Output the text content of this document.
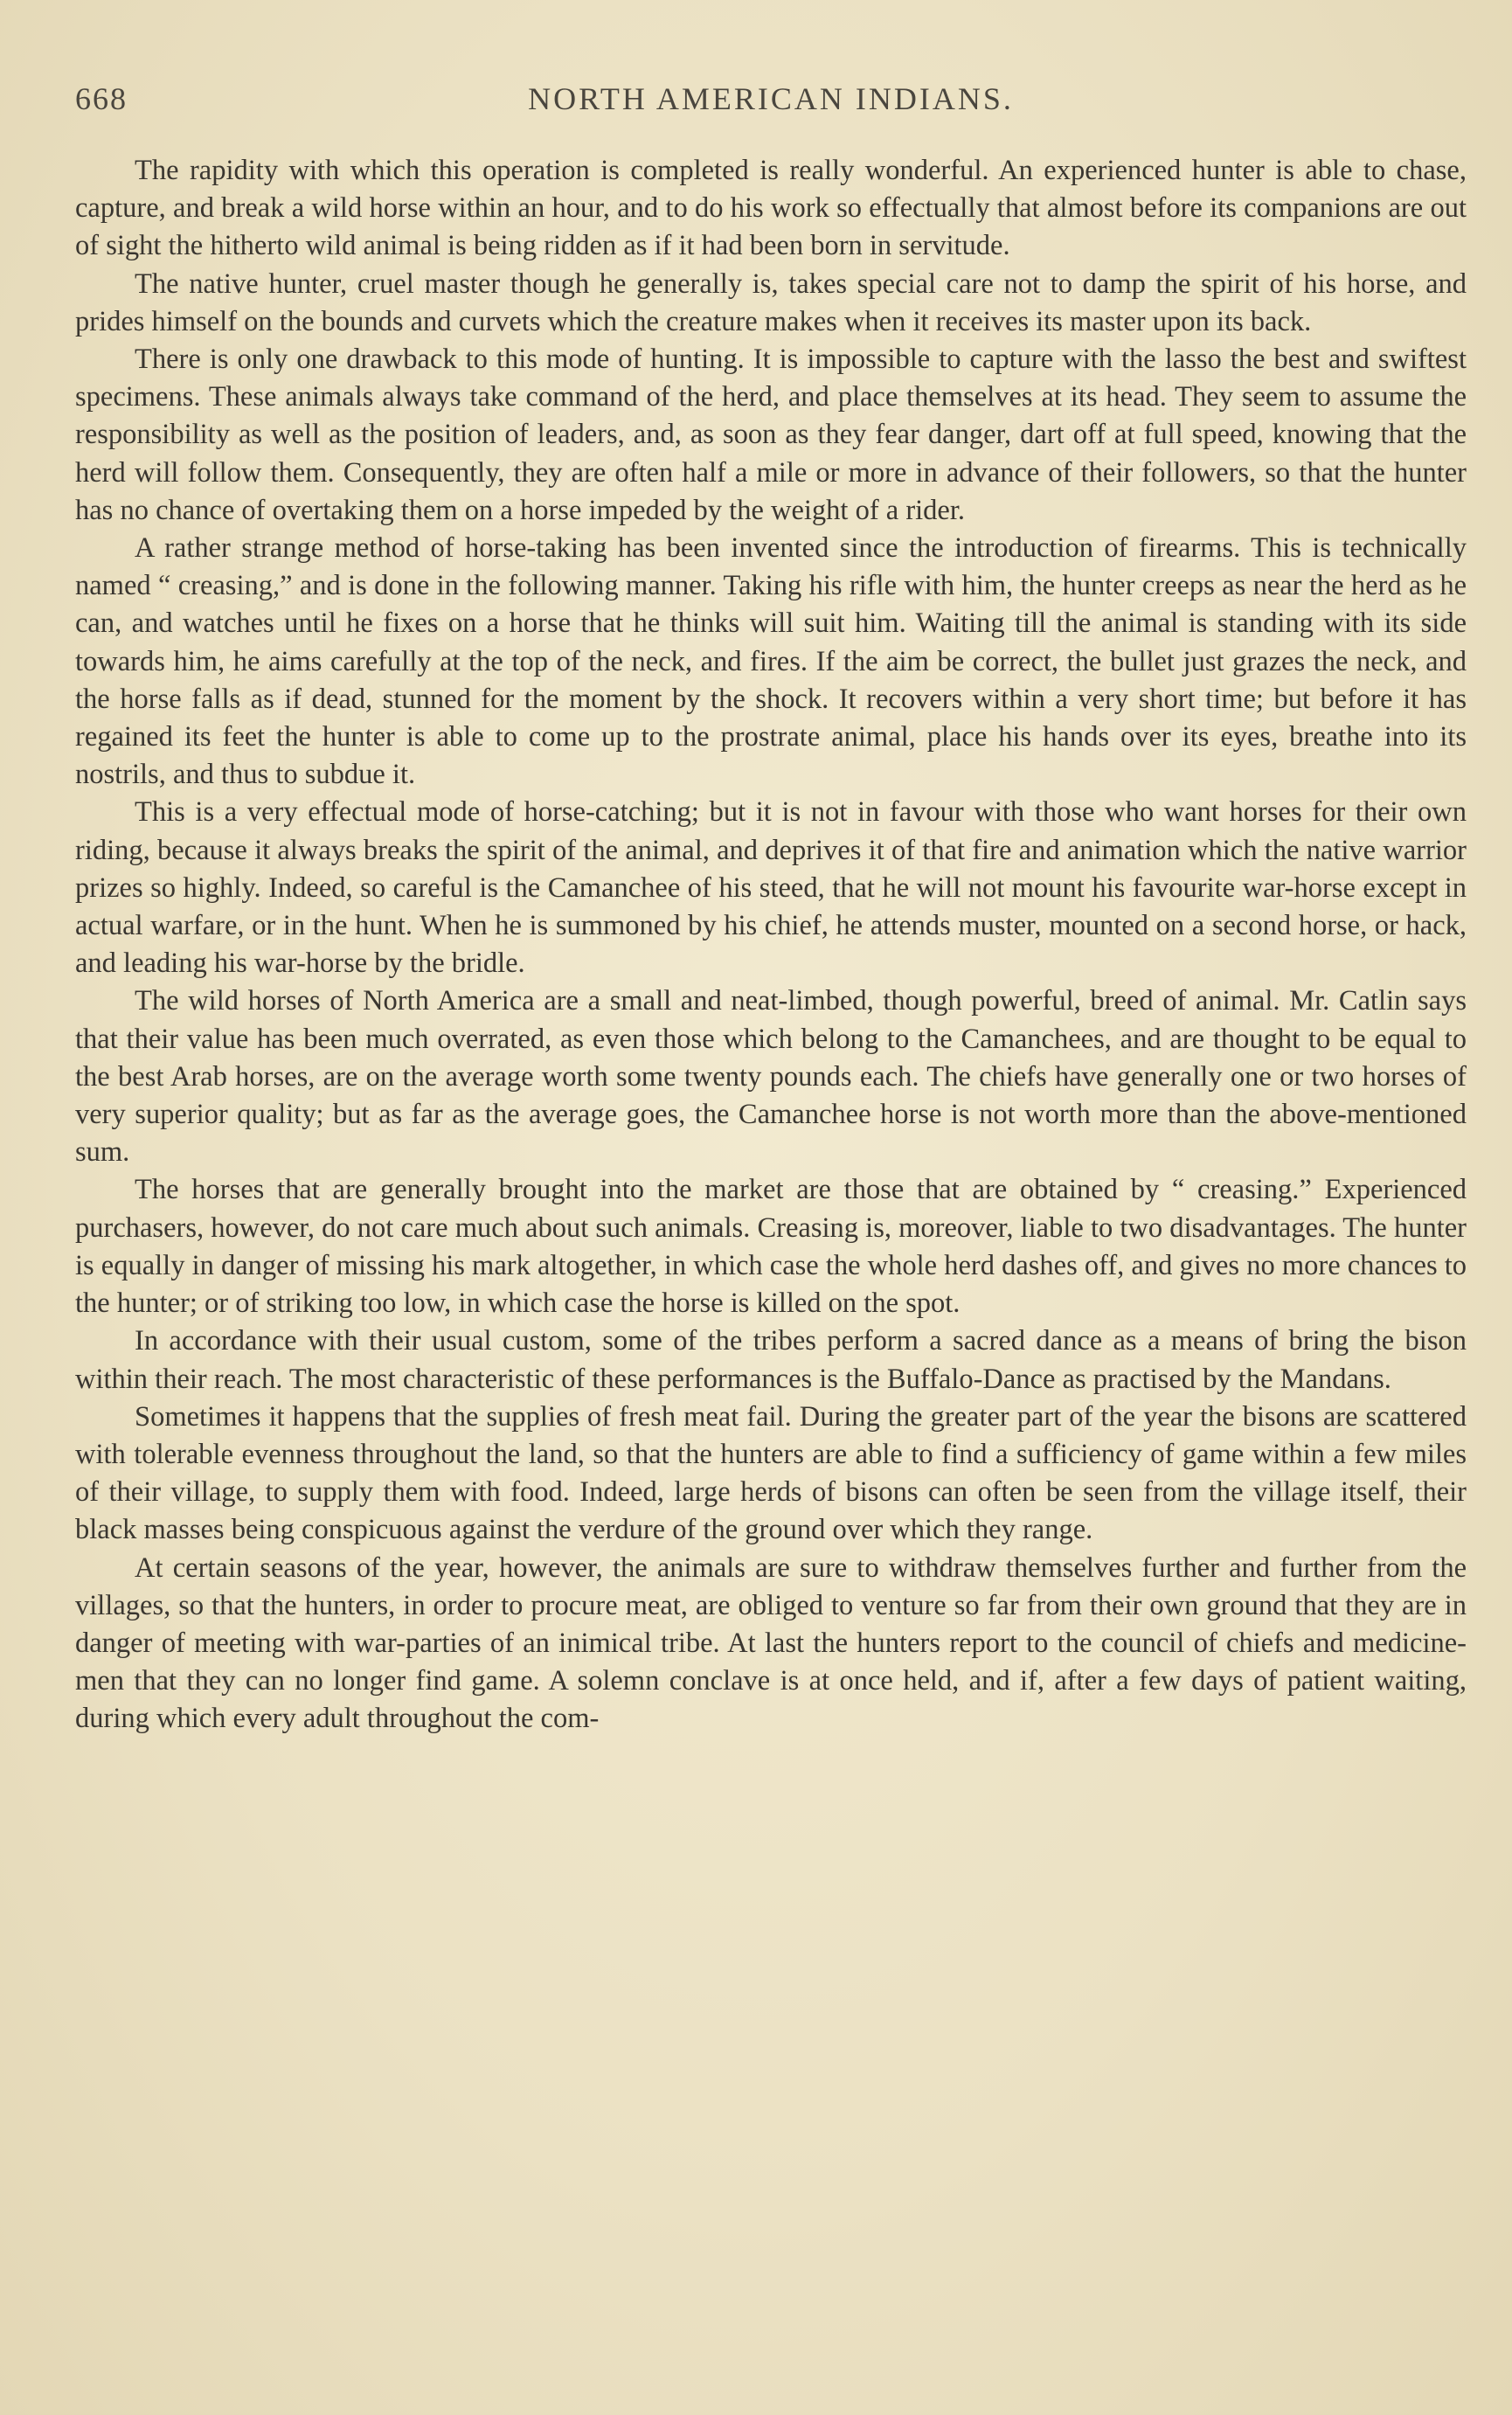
668	NORTH AMERICAN INDIANS.

The rapidity with which this operation is completed is really wonderful. An experienced hunter is able to chase, capture, and break a wild horse within an hour, and to do his work so effectually that almost before its companions are out of sight the hitherto wild animal is being ridden as if it had been born in servitude.

The native hunter, cruel master though he generally is, takes special care not to damp the spirit of his horse, and prides himself on the bounds and curvets which the creature makes when it receives its master upon its back.

There is only one drawback to this mode of hunting. It is impossible to capture with the lasso the best and swiftest specimens. These animals always take command of the herd, and place themselves at its head. They seem to assume the responsibility as well as the position of leaders, and, as soon as they fear danger, dart off at full speed, knowing that the herd will follow them. Consequently, they are often half a mile or more in advance of their followers, so that the hunter has no chance of overtaking them on a horse impeded by the weight of a rider.

A rather strange method of horse-taking has been invented since the introduction of firearms. This is technically named “ creasing,” and is done in the following manner. Taking his rifle with him, the hunter creeps as near the herd as he can, and watches until he fixes on a horse that he thinks will suit him. Waiting till the animal is standing with its side towards him, he aims carefully at the top of the neck, and fires. If the aim be correct, the bullet just grazes the neck, and the horse falls as if dead, stunned for the moment by the shock. It recovers within a very short time; but before it has regained its feet the hunter is able to come up to the prostrate animal, place his hands over its eyes, breathe into its nostrils, and thus to subdue it.

This is a very effectual mode of horse-catching; but it is not in favour with those who want horses for their own riding, because it always breaks the spirit of the animal, and deprives it of that fire and animation which the native warrior prizes so highly. Indeed, so careful is the Camanchee of his steed, that he will not mount his favourite war-horse except in actual warfare, or in the hunt. When he is summoned by his chief, he attends muster, mounted on a second horse, or hack, and leading his war-horse by the bridle.

The wild horses of North America are a small and neat-limbed, though powerful, breed of animal. Mr. Catlin says that their value has been much overrated, as even those which belong to the Camanchees, and are thought to be equal to the best Arab horses, are on the average worth some twenty pounds each. The chiefs have generally one or two horses of very superior quality; but as far as the average goes, the Camanchee horse is not worth more than the above-mentioned sum.

The horses that are generally brought into the market are those that are obtained by “ creasing.” Experienced purchasers, however, do not care much about such animals. Creasing is, moreover, liable to two disadvantages. The hunter is equally in danger of missing his mark altogether, in which case the whole herd dashes off, and gives no more chances to the hunter; or of striking too low, in which case the horse is killed on the spot.

In accordance with their usual custom, some of the tribes perform a sacred dance as a means of bring the bison within their reach. The most characteristic of these performances is the Buffalo-Dance as practised by the Mandans.

Sometimes it happens that the supplies of fresh meat fail. During the greater part of the year the bisons are scattered with tolerable evenness throughout the land, so that the hunters are able to find a sufficiency of game within a few miles of their village, to supply them with food. Indeed, large herds of bisons can often be seen from the village itself, their black masses being conspicuous against the verdure of the ground over which they range.

At certain seasons of the year, however, the animals are sure to withdraw themselves further and further from the villages, so that the hunters, in order to procure meat, are obliged to venture so far from their own ground that they are in danger of meeting with war-parties of an inimical tribe. At last the hunters report to the council of chiefs and medicine-men that they can no longer find game. A solemn conclave is at once held, and if, after a few days of patient waiting, during which every adult throughout the com-
